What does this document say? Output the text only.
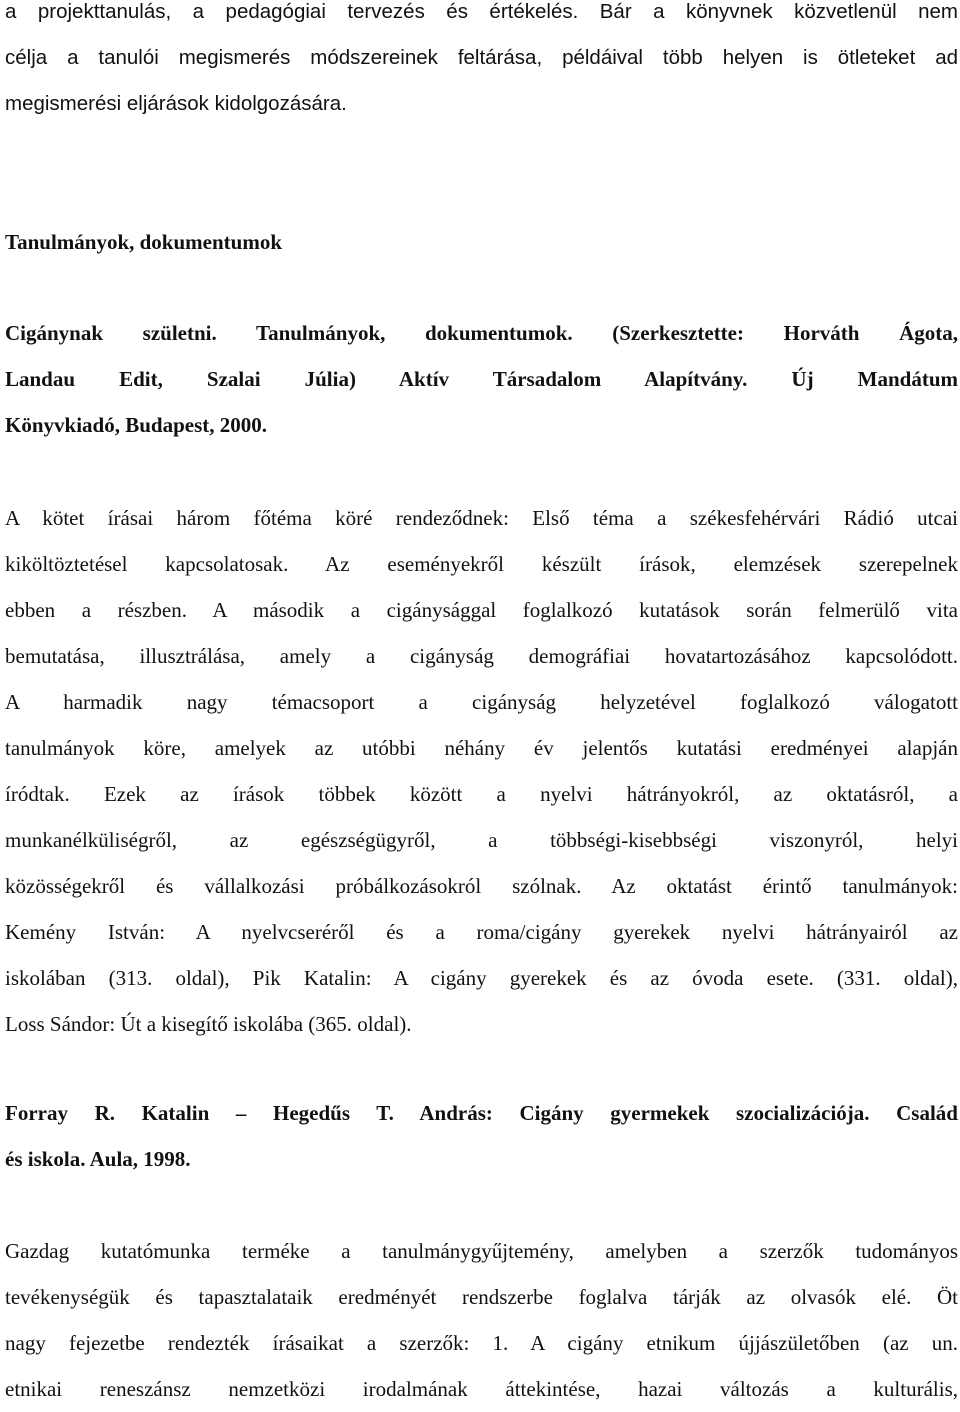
a projekttanulás, a pedagógiai tervezés és értékelés. Bár a könyvnek közvetlenül nem
célja a tanulói megismerés módszereinek feltárása, példáival több helyen is ötleteket ad
megismerési eljárások kidolgozására.
Tanulmányok, dokumentumok
Cigánynak születni. Tanulmányok, dokumentumok. (Szerkesztette: Horváth Ágota,
Landau Edit, Szalai Júlia) Aktív Társadalom Alapítvány. Új Mandátum
Könyvkiadó, Budapest, 2000.
A kötet írásai három főtéma köré rendeződnek: Első téma a székesfehérvári Rádió utcai
kiköltöztetésel kapcsolatosak. Az eseményekről készült írások, elemzések szerepelnek
ebben a részben. A második a cigánysággal foglalkozó kutatások során felmerülő vita
bemutatása, illusztrálása, amely a cigányság demográfiai hovatartozásához kapcsolódott.
A harmadik nagy témacsoport a cigányság helyzetével foglalkozó válogatott
tanulmányok köre, amelyek az utóbbi néhány év jelentős kutatási eredményei alapján
íródtak. Ezek az írások többek között a nyelvi hátrányokról, az oktatásról, a
munkanélküliségről, az egészségügyről, a többségi-kisebbségi viszonyról, helyi
közösségekről és vállalkozási próbálkozásokról szólnak. Az oktatást érintő tanulmányok:
Kemény István: A nyelvcseréről és a roma/cigány gyerekek nyelvi hátrányairól az
iskolában (313. oldal), Pik Katalin: A cigány gyerekek és az óvoda esete. (331. oldal),
Loss Sándor: Út a kisegítő iskolába (365. oldal).
Forray R. Katalin – Hegedűs T. András: Cigány gyermekek szocializációja. Család
és iskola. Aula, 1998.
Gazdag kutatómunka terméke a tanulmánygyűjtemény, amelyben a szerzők tudományos
tevékenységük és tapasztalataik eredményét rendszerbe foglalva tárják az olvasók elé. Öt
nagy fejezetbe rendezték írásaikat a szerzők: 1. A cigány etnikum újjászületőben (az un.
etnikai reneszánsz nemzetközi irodalmának áttekintése, hazai változás a kulturális,
